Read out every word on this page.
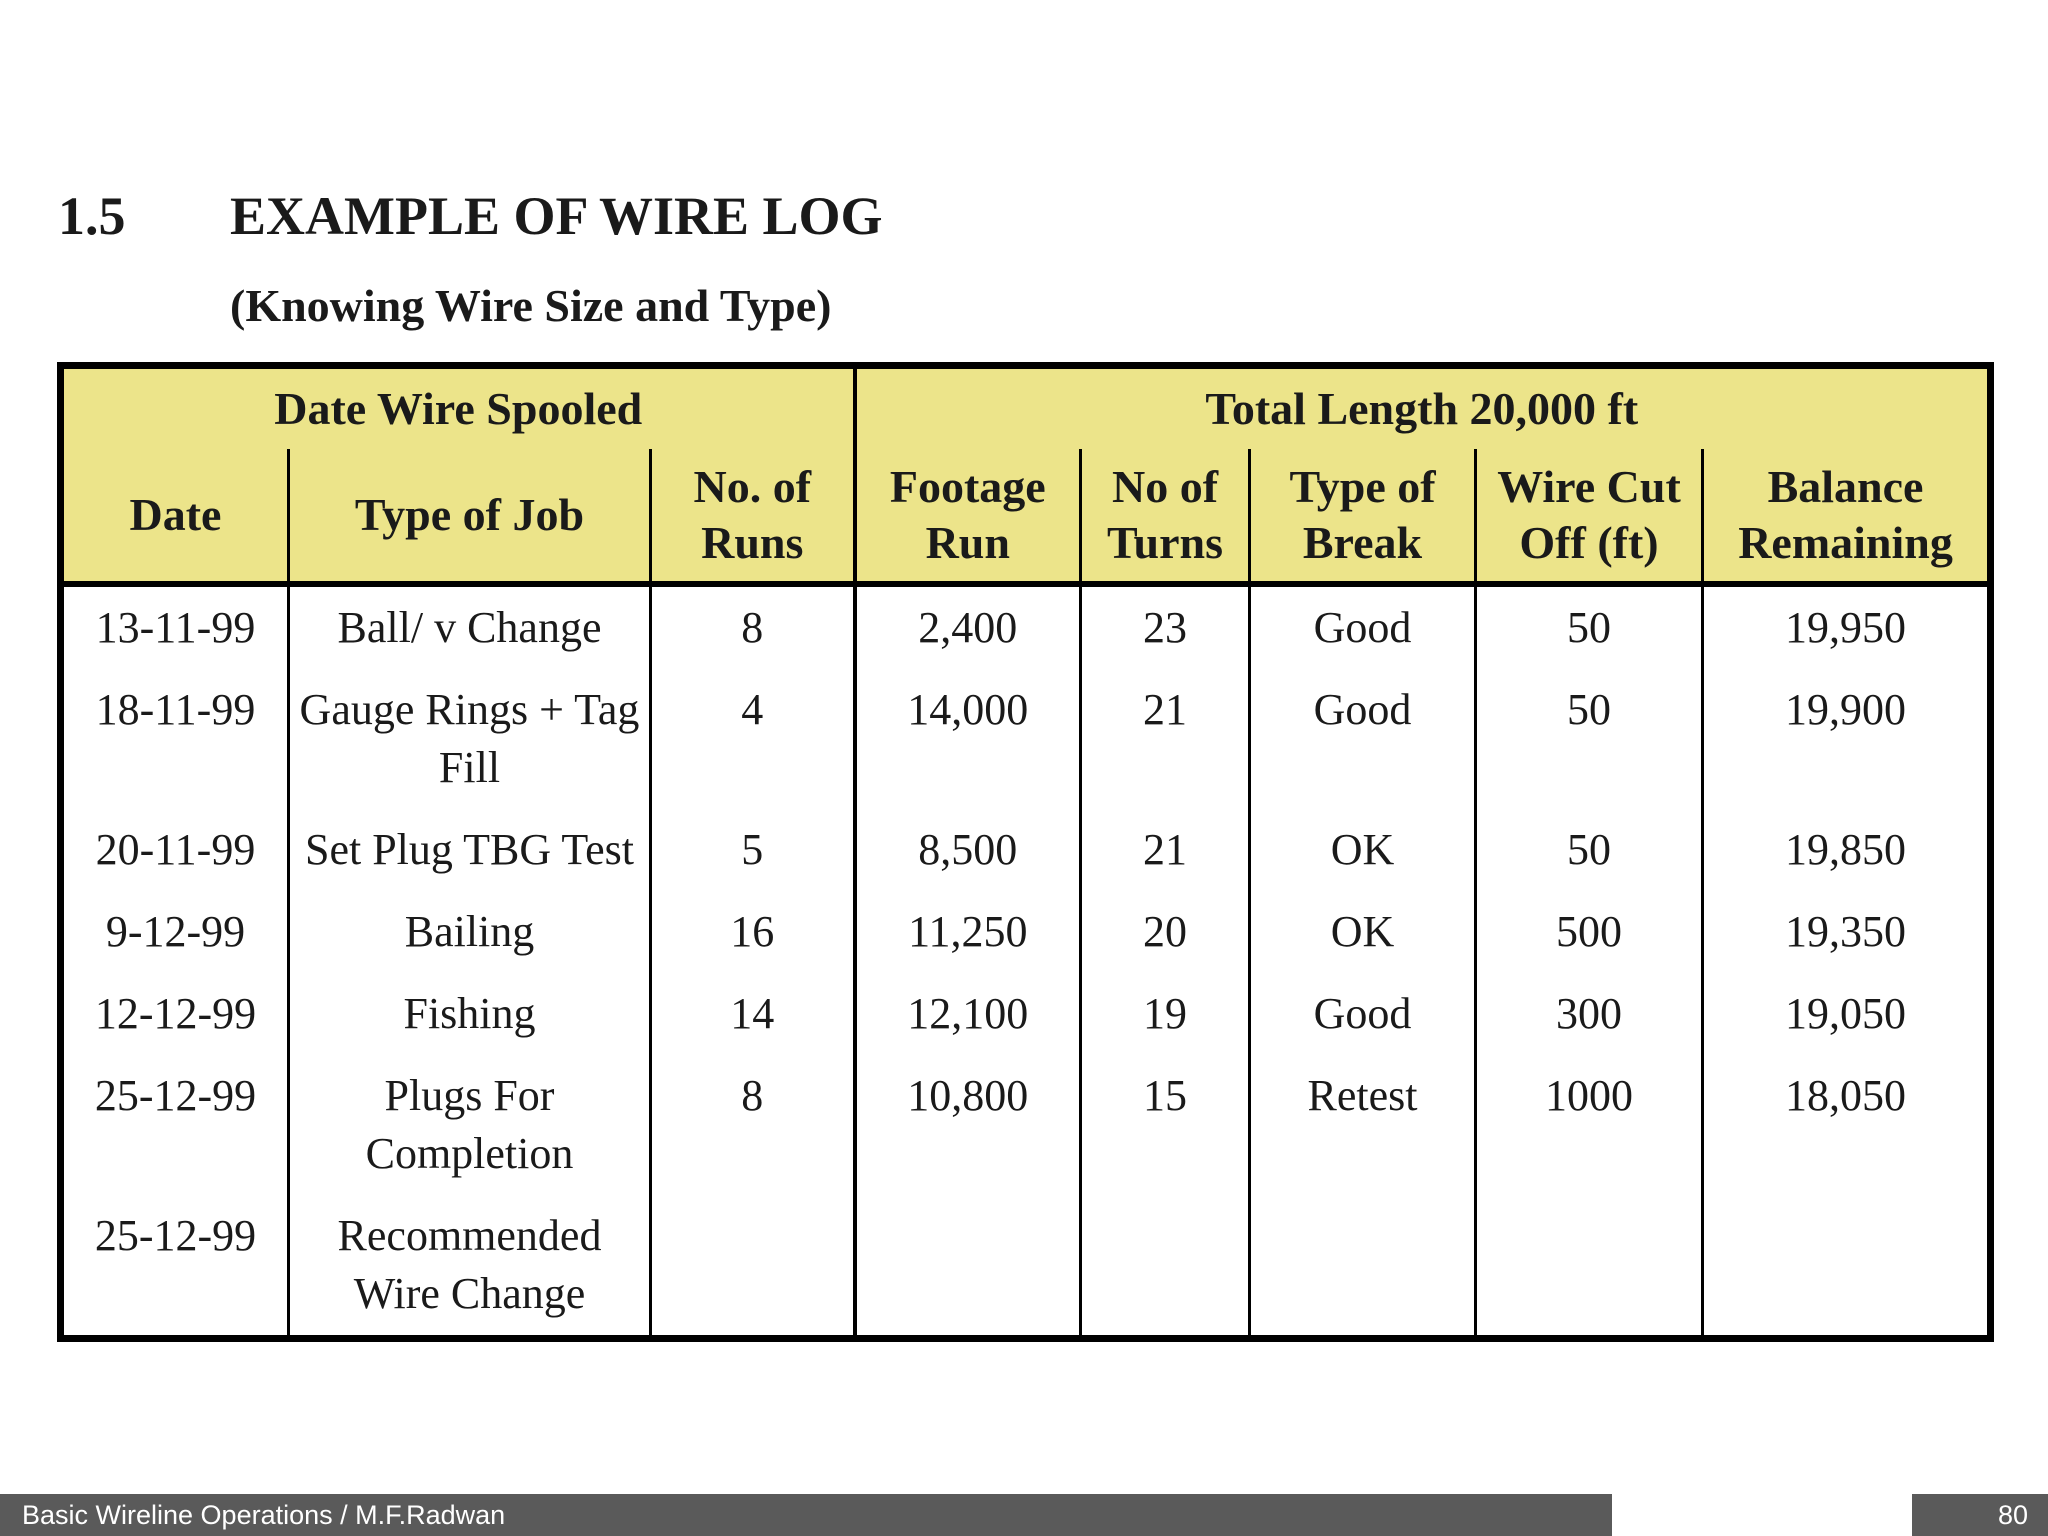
1.5 EXAMPLE OF WIRE LOG
(Knowing Wire Size and Type)
Date Wire Spooled			Total Length 20,000 ft				
Date	Type of Job	No. of Runs	Footage Run	No of Turns	Type of Break	Wire Cut Off (ft)	Balance Remaining
13-11-99	Ball/ v Change	8	2,400	23	Good	50	19,950
18-11-99	Gauge Rings + Tag Fill	4	14,000	21	Good	50	19,900
20-11-99	Set Plug TBG Test	5	8,500	21	OK	50	19,850
9-12-99	Bailing	16	11,250	20	OK	500	19,350
12-12-99	Fishing	14	12,100	19	Good	300	19,050
25-12-99	Plugs For Completion	8	10,800	15	Retest	1000	18,050
25-12-99	Recommended Wire Change						
Basic Wireline Operations / M.F.Radwan	80
